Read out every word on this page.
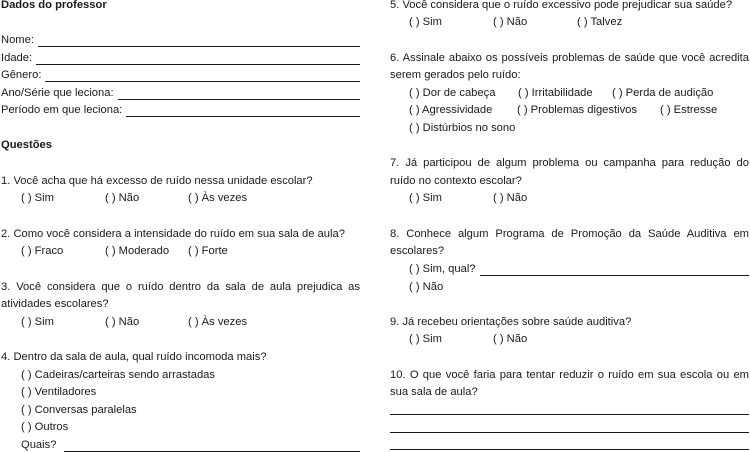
Dados do professor
Nome:
Idade:
Gênero:
Ano/Série que leciona:
Período em que leciona:
Questões
1. Você acha que há excesso de ruído nessa unidade escolar?
( ) Sim	( ) Não	( ) Às vezes
2. Como você considera a intensidade do ruído em sua sala de aula?
( ) Fraco	( ) Moderado ( ) Forte
3. Você considera que o ruído dentro da sala de aula prejudica as
atividades escolares?
( ) Sim	( ) Não	( ) Às vezes
4. Dentro da sala de aula, qual ruído incomoda mais?
( ) Cadeiras/carteiras sendo arrastadas
( ) Ventiladores
( ) Conversas paralelas
( ) Outros
Quais?
5. Você considera que o ruído excessivo pode prejudicar sua saúde?
( ) Sim	( ) Não	( ) Talvez
6. Assinale abaixo os possíveis problemas de saúde que você acredita
serem gerados pelo ruído:
( ) Dor de cabeça ( ) Irritabilidade ( ) Perda de audição
( ) Agressividade ( ) Problemas digestivos ( ) Estresse
( ) Distúrbios no sono
7. Já participou de algum problema ou campanha para redução do
ruído no contexto escolar?
( ) Sim	( ) Não
8. Conhece algum Programa de Promoção da Saúde Auditiva em
escolares?
( ) Sim, qual?
( ) Não
9. Já recebeu orientações sobre saúde auditiva?
( ) Sim	( ) Não
10. O que você faria para tentar reduzir o ruído em sua escola ou em
sua sala de aula?
